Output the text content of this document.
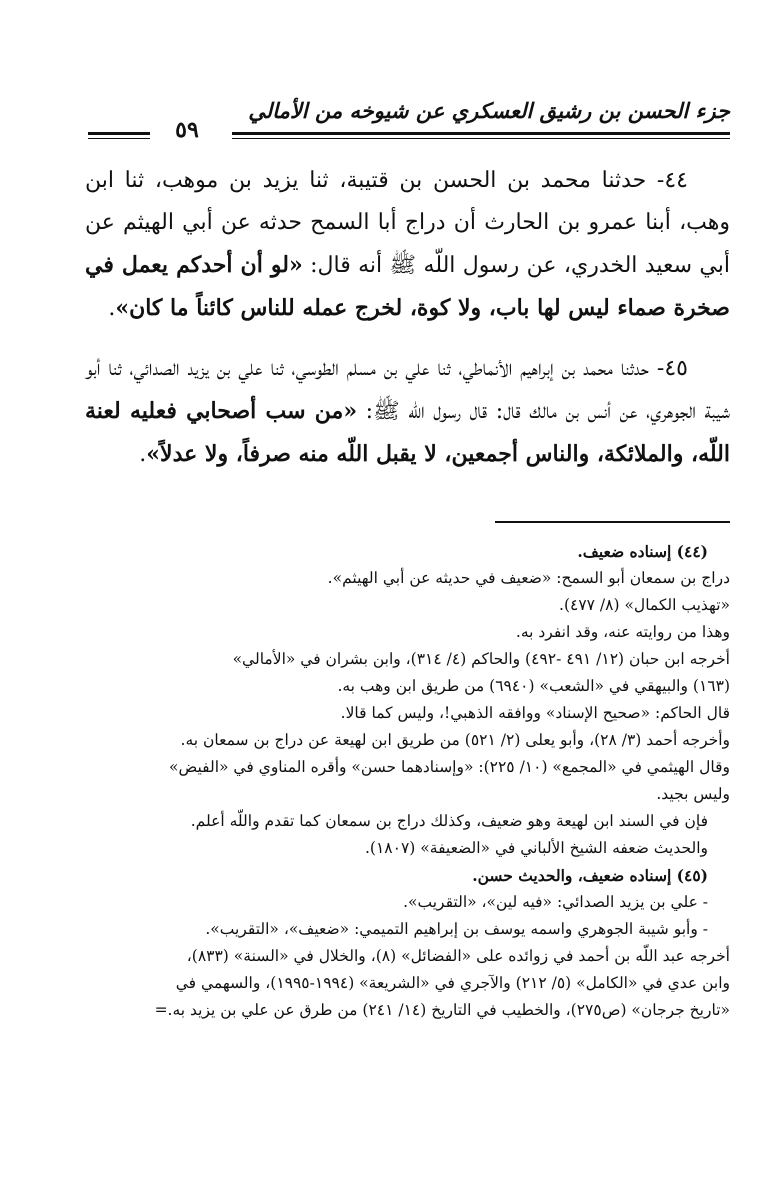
جزء الحسن بن رشيق العسكري عن شيوخه من الأمالي
٥٩

٤٤- حدثنا محمد بن الحسن بن قتيبة، ثنا يزيد بن موهب، ثنا ابن وهب، أبنا عمرو بن الحارث أن دراج أبا السمح حدثه عن أبي الهيثم عن أبي سعيد الخدري، عن رسول اللّه ﷺ أنه قال: «لو أن أحدكم يعمل في صخرة صماء ليس لها باب، ولا كوة، لخرج عمله للناس كائناً ما كان».

٤٥- حدثنا محمد بن إبراهيم الأنماطي، ثنا علي بن مسلم الطوسي، ثنا علي بن يزيد الصدائي، ثنا أبو شيبة الجوهري، عن أنس بن مالك قال: قال رسول اللّه ﷺ: «من سب أصحابي فعليه لعنة اللّه، والملائكة، والناس أجمعين، لا يقبل اللّه منه صرفاً، ولا عدلاً».

(٤٤) إسناده ضعيف.

دراج بن سمعان أبو السمح: «ضعيف في حديثه عن أبي الهيثم».

«تهذيب الكمال» (٨/ ٤٧٧).

وهذا من روايته عنه، وقد انفرد به.

أخرجه ابن حبان (١٢/ ٤٩١ -٤٩٢) والحاكم (٤/ ٣١٤)، وابن بشران في «الأمالي»

(١٦٣) والبيهقي في «الشعب» (٦٩٤٠) من طريق ابن وهب به.

قال الحاكم: «صحيح الإسناد» ووافقه الذهبي!، وليس كما قالا.

وأخرجه أحمد (٣/ ٢٨)، وأبو يعلى (٢/ ٥٢١) من طريق ابن لهيعة عن دراج بن سمعان به.

وقال الهيثمي في «المجمع» (١٠/ ٢٢٥): «وإسنادهما حسن» وأقره المناوي في «الفيض»

وليس بجيد.

فإن في السند ابن لهيعة وهو ضعيف، وكذلك دراج بن سمعان كما تقدم واللّه أعلم.

والحديث ضعفه الشيخ الألباني في «الضعيفة» (١٨٠٧).

(٤٥) إسناده ضعيف، والحديث حسن.

- علي بن يزيد الصدائي: «فيه لين»، «التقريب».

- وأبو شيبة الجوهري واسمه يوسف بن إبراهيم التميمي: «ضعيف»، «التقريب».

أخرجه عبد اللّه بن أحمد في زوائده على «الفضائل» (٨)، والخلال في «السنة» (٨٣٣)،

وابن عدي في «الكامل» (٥/ ٢١٢) والآجري في «الشريعة» (١٩٩٤-١٩٩٥)، والسهمي في

«تاريخ جرجان» (ص٢٧٥)، والخطيب في التاريخ (١٤/ ٢٤١) من طرق عن علي بن يزيد به.=
